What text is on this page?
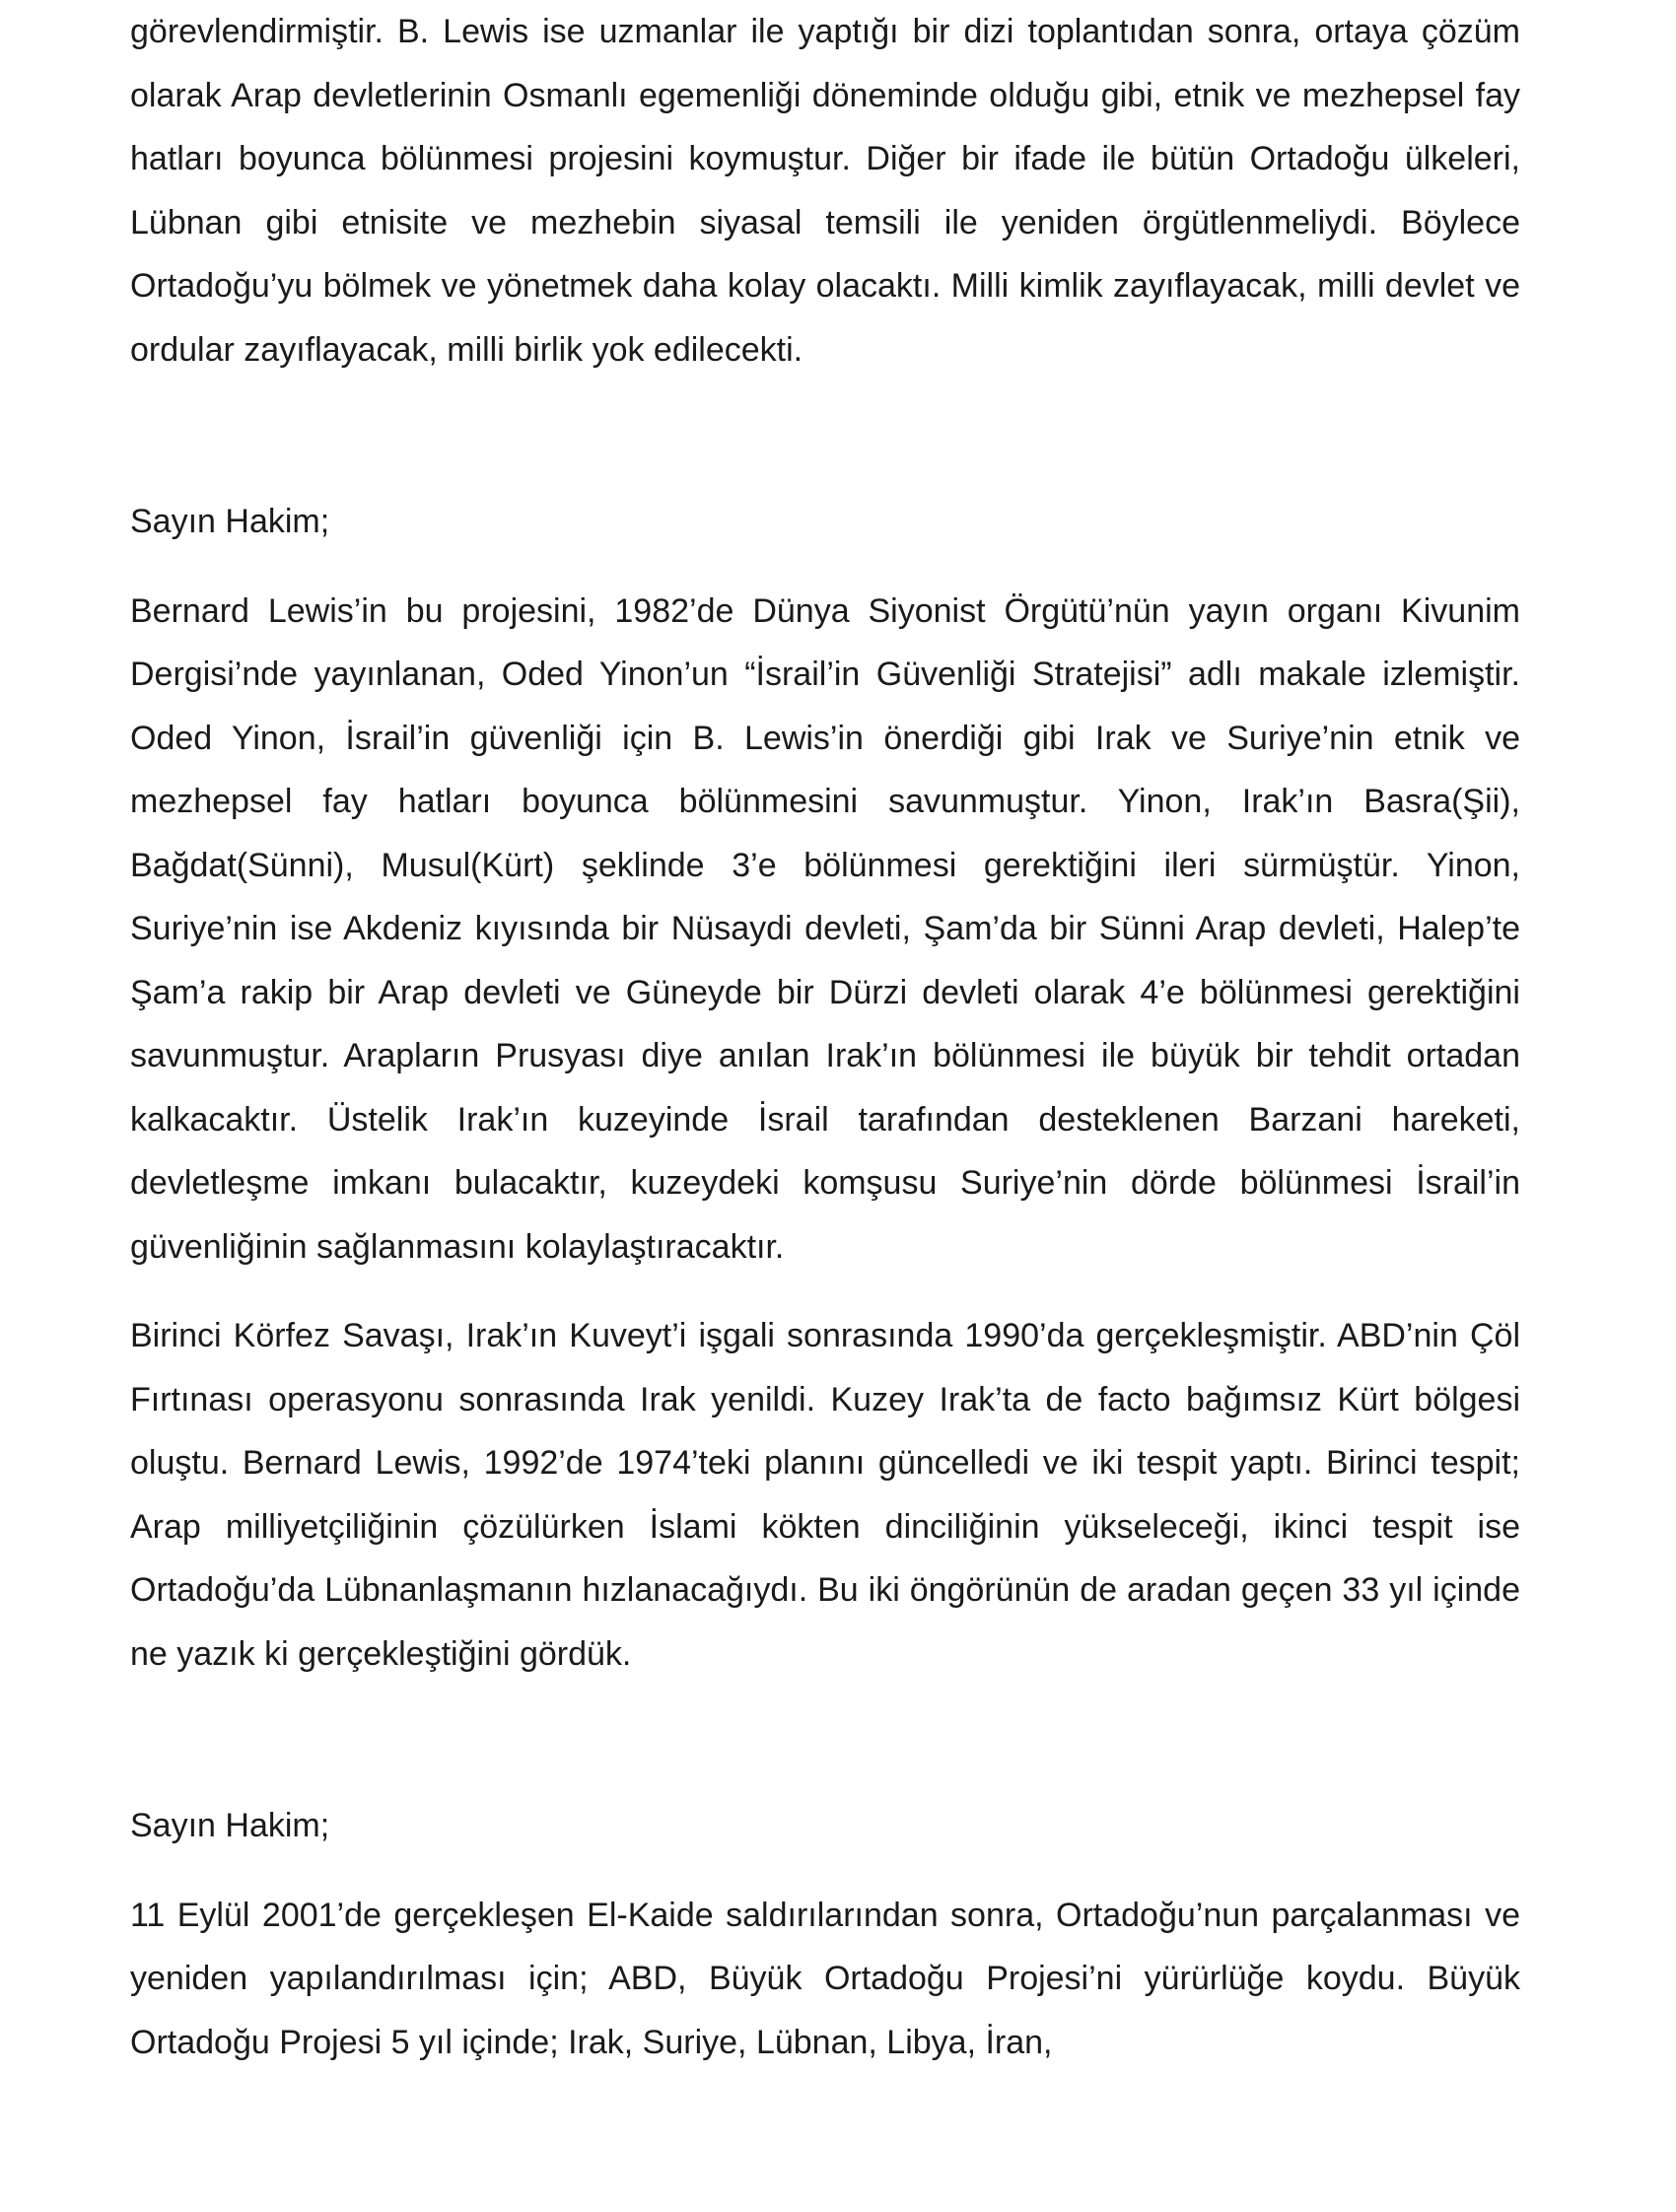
görevlendirmiştir. B. Lewis ise uzmanlar ile yaptığı bir dizi toplantıdan sonra, ortaya çözüm olarak Arap devletlerinin Osmanlı egemenliği döneminde olduğu gibi, etnik ve mezhepsel fay hatları boyunca bölünmesi projesini koymuştur. Diğer bir ifade ile bütün Ortadoğu ülkeleri, Lübnan gibi etnisite ve mezhebin siyasal temsili ile yeniden örgütlenmeliydi. Böylece Ortadoğu’yu bölmek ve yönetmek daha kolay olacaktı. Milli kimlik zayıflayacak, milli devlet ve ordular zayıflayacak, milli birlik yok edilecekti.

Sayın Hakim;

Bernard Lewis’in bu projesini, 1982’de Dünya Siyonist Örgütü’nün yayın organı Kivunim Dergisi’nde yayınlanan, Oded Yinon’un “İsrail’in Güvenliği Stratejisi” adlı makale izlemiştir. Oded Yinon, İsrail’in güvenliği için B. Lewis’in önerdiği gibi Irak ve Suriye’nin etnik ve mezhepsel fay hatları boyunca bölünmesini savunmuştur. Yinon, Irak’ın Basra(Şii), Bağdat(Sünni), Musul(Kürt) şeklinde 3’e bölünmesi gerektiğini ileri sürmüştür. Yinon, Suriye’nin ise Akdeniz kıyısında bir Nüsaydi devleti, Şam’da bir Sünni Arap devleti, Halep’te Şam’a rakip bir Arap devleti ve Güneyde bir Dürzi devleti olarak 4’e bölünmesi gerektiğini savunmuştur. Arapların Prusyası diye anılan Irak’ın bölünmesi ile büyük bir tehdit ortadan kalkacaktır. Üstelik Irak’ın kuzeyinde İsrail tarafından desteklenen Barzani hareketi, devletleşme imkanı bulacaktır, kuzeydeki komşusu Suriye’nin dörde bölünmesi İsrail’in güvenliğinin sağlanmasını kolaylaştıracaktır.

Birinci Körfez Savaşı, Irak’ın Kuveyt’i işgali sonrasında 1990’da gerçekleşmiştir. ABD’nin Çöl Fırtınası operasyonu sonrasında Irak yenildi. Kuzey Irak’ta de facto bağımsız Kürt bölgesi oluştu. Bernard Lewis, 1992’de 1974’teki planını güncelledi ve iki tespit yaptı. Birinci tespit; Arap milliyetçiliğinin çözülürken İslami kökten dinciliğinin yükseleceği, ikinci tespit ise Ortadoğu’da Lübnanlaşmanın hızlanacağıydı. Bu iki öngörünün de aradan geçen 33 yıl içinde ne yazık ki gerçekleştiğini gördük.

Sayın Hakim;

11 Eylül 2001’de gerçekleşen El-Kaide saldırılarından sonra, Ortadoğu’nun parçalanması ve yeniden yapılandırılması için; ABD, Büyük Ortadoğu Projesi’ni yürürlüğe koydu. Büyük Ortadoğu Projesi 5 yıl içinde; Irak, Suriye, Lübnan, Libya, İran,
